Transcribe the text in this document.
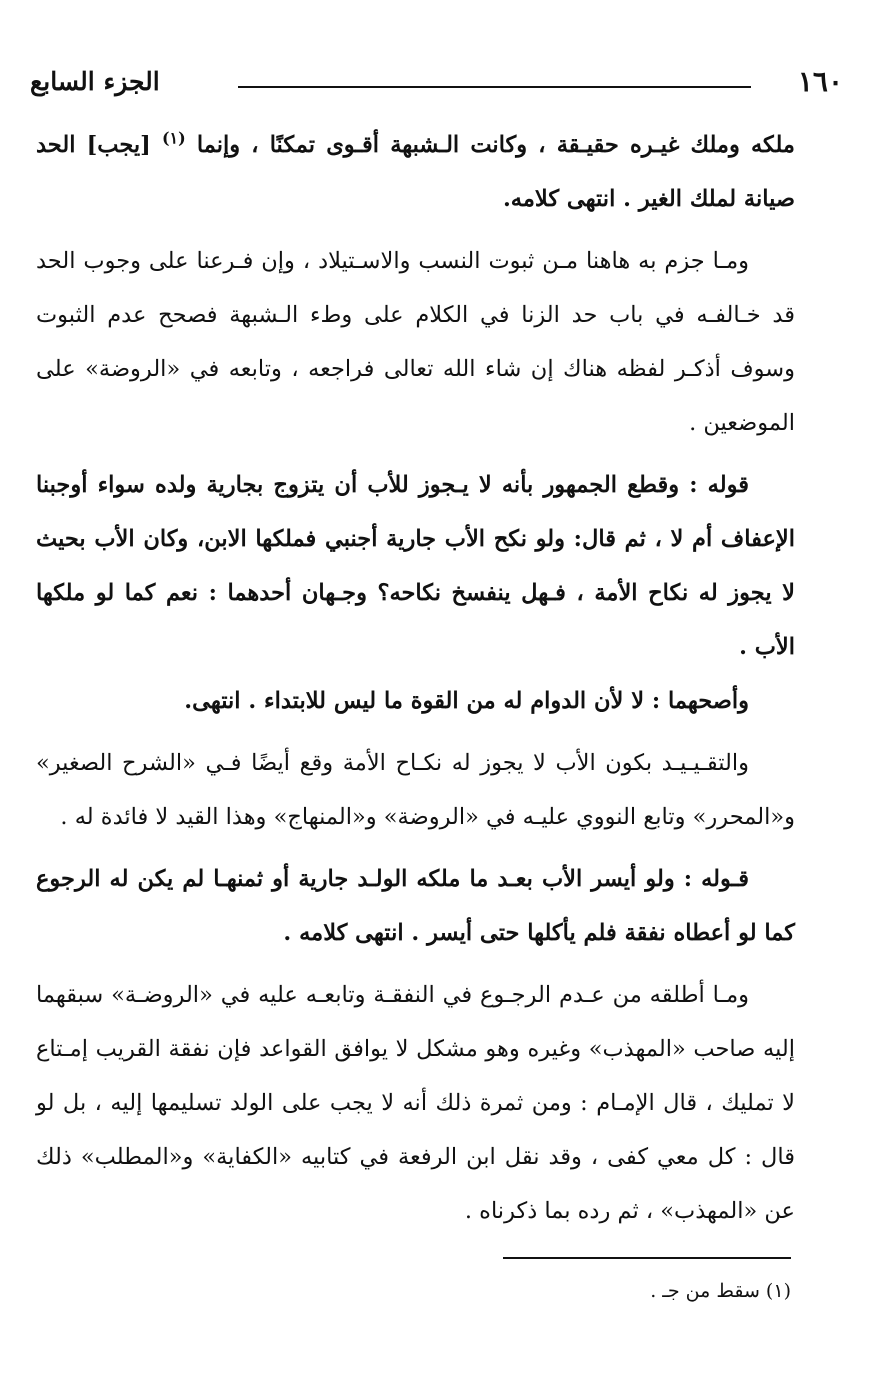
١٦٠
الجزء السابع

ملكه وملك غيـره حقيـقة ، وكانت الـشبهة أقـوى تمكنًا ، وإنما $^{(١)}$ [يجب] الحد صيانة لملك الغير . انتهى كلامه.

ومـا جزم به هاهنا مـن ثبوت النسب والاسـتيلاد ، وإن فـرعنا على وجوب الحد قد خـالفـه في باب حد الزنا في الكلام على وطء الـشبهة فصحح عدم الثبوت وسوف أذكـر لفظه هناك إن شاء الله تعالى فراجعه ، وتابعه في «الروضة» على الموضعين .

قوله : وقطع الجمهور بأنه لا يـجوز للأب أن يتزوج بجارية ولده سواء أوجبنا الإعفاف أم لا ، ثم قال: ولو نكح الأب جارية أجنبي فملكها الابن، وكان الأب بحيث لا يجوز له نكاح الأمة ، فـهل ينفسخ نكاحه؟ وجـهان أحدهما : نعم كما لو ملكها الأب .

وأصحهما : لا لأن الدوام له من القوة ما ليس للابتداء . انتهى.

والتقـيـيـد بكون الأب لا يجوز له نكـاح الأمة وقع أيضًا فـي «الشرح الصغير» و«المحرر» وتابع النووي عليـه في «الروضة» و«المنهاج» وهذا القيد لا فائدة له .

قـوله : ولو أيسر الأب بعـد ما ملكه الولـد جارية أو ثمنهـا لم يكن له الرجوع كما لو أعطاه نفقة فلم يأكلها حتى أيسر . انتهى كلامه .

ومـا أطلقه من عـدم الرجـوع في النفقـة وتابعـه عليه في «الروضـة» سبقهما إليه صاحب «المهذب» وغيره وهو مشكل لا يوافق القواعد فإن نفقة القريب إمـتاع لا تمليك ، قال الإمـام : ومن ثمرة ذلك أنه لا يجب على الولد تسليمها إليه ، بل لو قال : كل معي كفى ، وقد نقل ابن الرفعة في كتابيه «الكفاية» و«المطلب» ذلك عن «المهذب» ، ثم رده بما ذكرناه .

(١) سقط من جـ .
